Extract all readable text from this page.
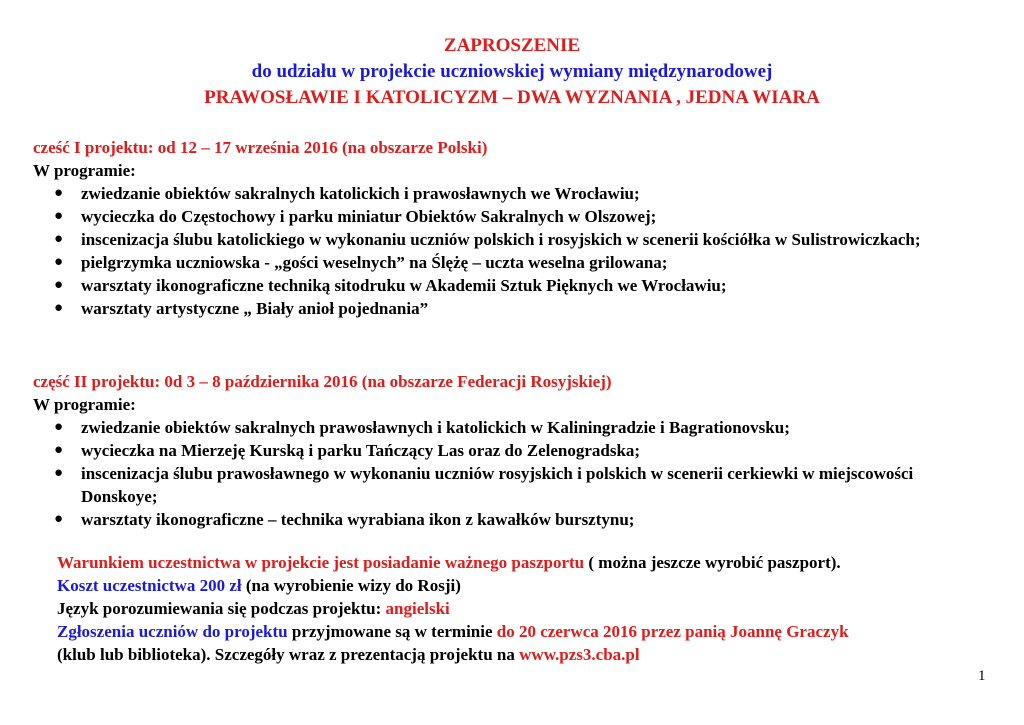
ZAPROSZENIE
do udziału w projekcie uczniowskiej wymiany międzynarodowej
PRAWOSŁAWIE I KATOLICYZM – DWA WYZNANIA , JEDNA WIARA
cześć I projektu: od 12 – 17 września 2016 (na obszarze Polski)
W programie:
● zwiedzanie obiektów sakralnych katolickich i prawosławnych we Wrocławiu;
● wycieczka do Częstochowy i parku miniatur Obiektów Sakralnych w Olszowej;
● inscenizacja ślubu katolickiego w wykonaniu uczniów polskich i rosyjskich w scenerii kościółka w Sulistrowiczkach;
● pielgrzymka uczniowska - „gości weselnych” na Ślężę – uczta weselna grilowana;
● warsztaty ikonograficzne techniką sitodruku w Akademii Sztuk Pięknych we Wrocławiu;
● warsztaty artystyczne „ Biały anioł pojednania”
część II projektu: 0d 3 – 8 października 2016 (na obszarze Federacji Rosyjskiej)
W programie:
● zwiedzanie obiektów sakralnych prawosławnych i katolickich w Kaliningradzie i Bagrationovsku;
● wycieczka na Mierzeję Kurską i parku Tańczący Las oraz do Zelenogradska;
● inscenizacja ślubu prawosławnego w wykonaniu uczniów rosyjskich i polskich w scenerii cerkiewki w miejscowości Donskoye;
● warsztaty ikonograficzne – technika wyrabiana ikon z kawałków bursztynu;
Warunkiem uczestnictwa w projekcie jest posiadanie ważnego paszportu ( można jeszcze wyrobić paszport).
Koszt uczestnictwa 200 zł (na wyrobienie wizy do Rosji)
Język porozumiewania się podczas projektu: angielski
Zgłoszenia uczniów do projektu przyjmowane są w terminie do 20 czerwca 2016 przez panią Joannę Graczyk
(klub lub biblioteka). Szczegóły wraz z prezentacją projektu na www.pzs3.cba.pl
1
